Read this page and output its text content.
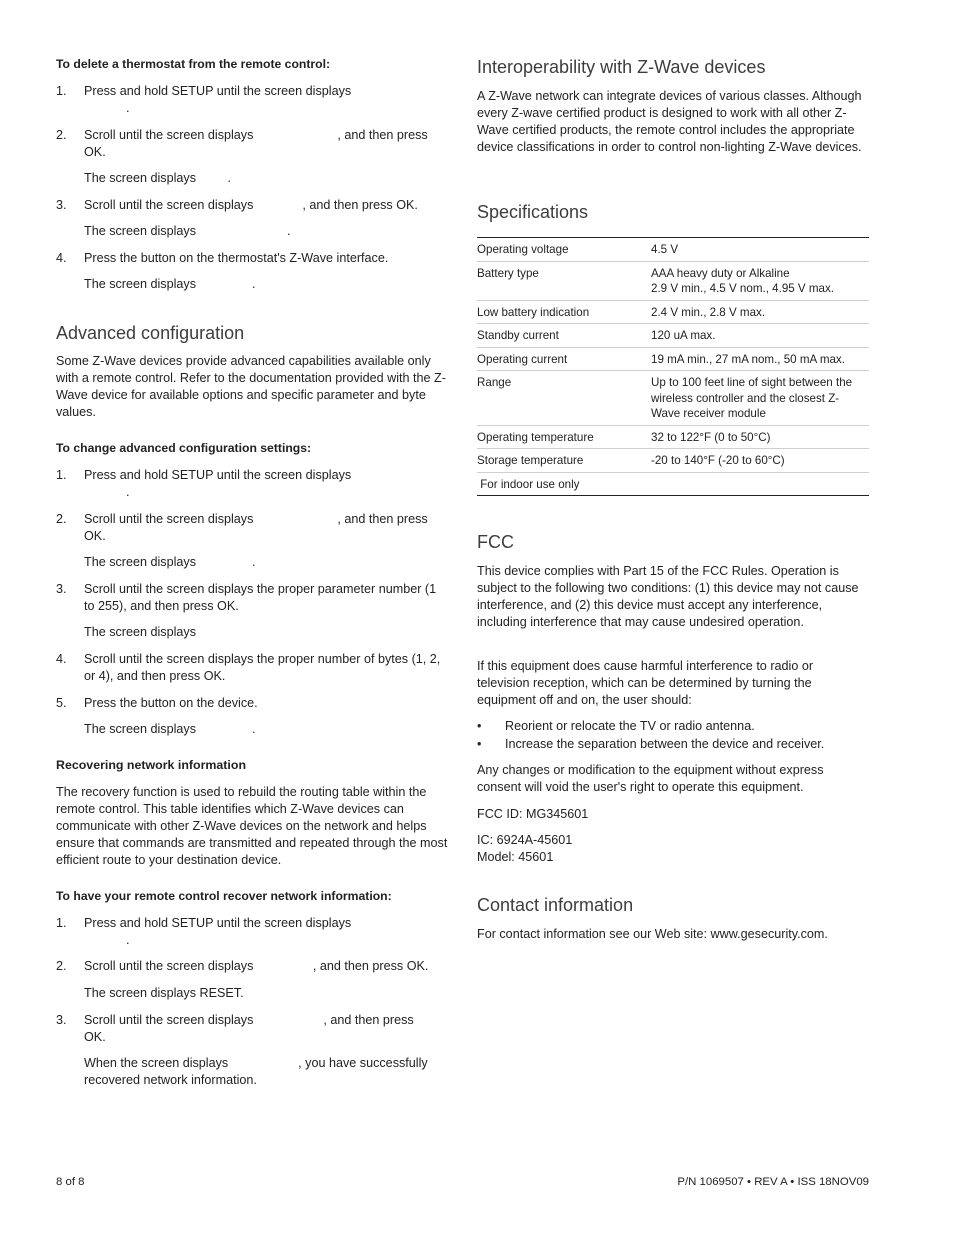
To delete a thermostat from the remote control:
1. Press and hold SETUP until the screen displays
.
2. Scroll until the screen displays                        , and then press
OK.
The screen displays         .
3. Scroll until the screen displays              , and then press OK.
The screen displays                          .
4. Press the button on the thermostat's Z-Wave interface.
The screen displays                .
Advanced configuration
Some Z-Wave devices provide advanced capabilities available only with a remote control. Refer to the documentation provided with the Z-Wave device for available options and specific parameter and byte values.
To change advanced configuration settings:
1. Press and hold SETUP until the screen displays
.
2. Scroll until the screen displays                        , and then press
OK.
The screen displays                .
3. Scroll until the screen displays the proper parameter number (1 to 255), and then press OK.
The screen displays
4. Scroll until the screen displays the proper number of bytes (1, 2, or 4), and then press OK.
5. Press the button on the device.
The screen displays                .
Recovering network information
The recovery function is used to rebuild the routing table within the remote control. This table identifies which Z-Wave devices can communicate with other Z-Wave devices on the network and helps ensure that commands are transmitted and repeated through the most efficient route to your destination device.
To have your remote control recover network information:
1. Press and hold SETUP until the screen displays
.
2. Scroll until the screen displays                 , and then press OK.
The screen displays RESET.
3. Scroll until the screen displays                    , and then press
OK.
When the screen displays                    , you have successfully recovered network information.
Interoperability with Z-Wave devices
A Z-Wave network can integrate devices of various classes. Although every Z-wave certified product is designed to work with all other Z-Wave certified products, the remote control includes the appropriate device classifications in order to control non-lighting Z-Wave devices.
Specifications
Operating voltage	4.5 V
Battery type	AAA heavy duty or Alkaline
2.9 V min., 4.5 V nom., 4.95 V max.

Low battery indication	2.4 V min., 2.8 V max.
Standby current	120 uA max.
Operating current	19 mA min., 27 mA nom., 50 mA max.
Range	Up to 100 feet line of sight between the wireless controller and the closest Z-Wave receiver module
Operating temperature	32 to 122°F (0 to 50°C)
Storage temperature	-20 to 140°F (-20 to 60°C)
For indoor use only	
FCC
This device complies with Part 15 of the FCC Rules. Operation is subject to the following two conditions: (1) this device may not cause interference, and (2) this device must accept any interference, including interference that may cause undesired operation.
If this equipment does cause harmful interference to radio or television reception, which can be determined by turning the equipment off and on, the user should:
• Reorient or relocate the TV or radio antenna.
• Increase the separation between the device and receiver.
Any changes or modification to the equipment without express consent will void the user's right to operate this equipment.
FCC ID: MG345601
IC: 6924A-45601
Model: 45601
Contact information
For contact information see our Web site: www.gesecurity.com.
8 of 8	P/N 1069507 • REV A • ISS 18NOV09
